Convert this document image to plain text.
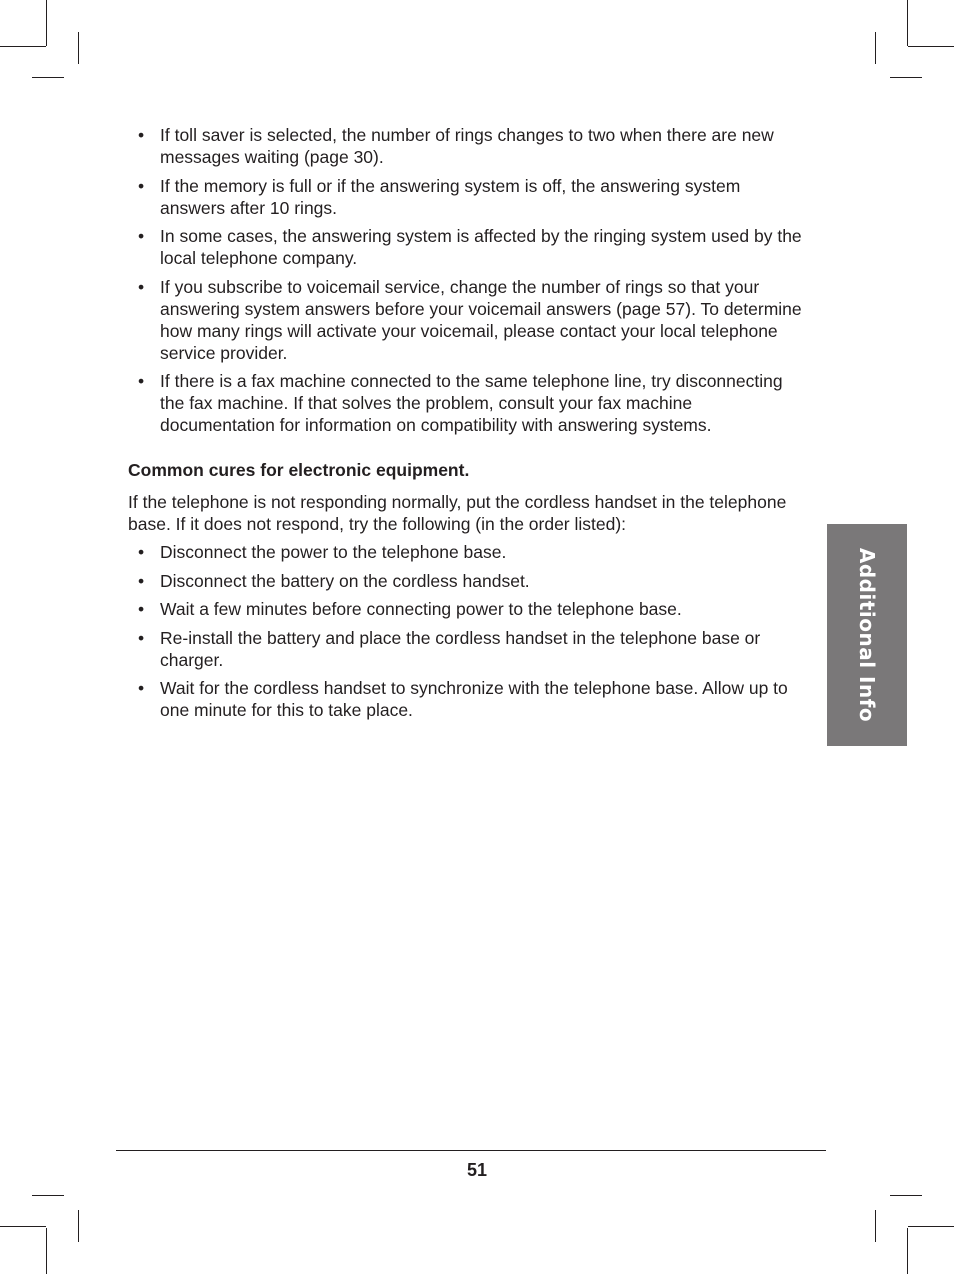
• If toll saver is selected, the number of rings changes to two when there are new messages waiting (page 30).
• If the memory is full or if the answering system is off, the answering system answers after 10 rings.
• In some cases, the answering system is affected by the ringing system used by the local telephone company.
• If you subscribe to voicemail service, change the number of rings so that your answering system answers before your voicemail answers (page 57). To determine how many rings will activate your voicemail, please contact your local telephone service provider.
• If there is a fax machine connected to the same telephone line, try disconnecting the fax machine. If that solves the problem, consult your fax machine documentation for information on compatibility with answering systems.
Common cures for electronic equipment.
If the telephone is not responding normally, put the cordless handset in the telephone base. If it does not respond, try the following (in the order listed):
• Disconnect the power to the telephone base.
• Disconnect the battery on the cordless handset.
• Wait a few minutes before connecting power to the telephone base.
• Re-install the battery and place the cordless handset in the telephone base or charger.
• Wait for the cordless handset to synchronize with the telephone base. Allow up to one minute for this to take place.	Additional Info
51
